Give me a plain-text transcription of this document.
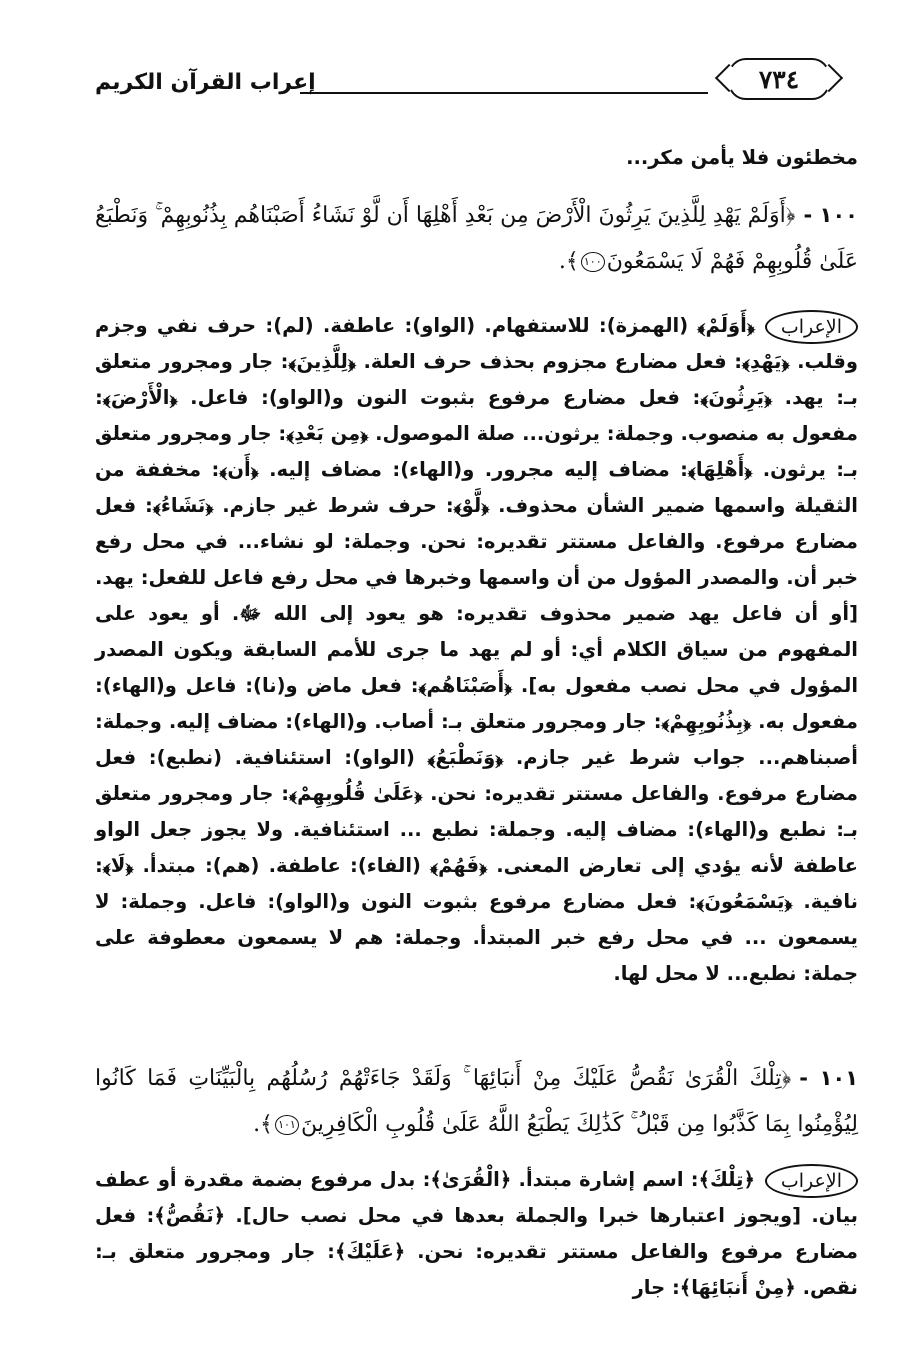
٧٣٤
إعراب القرآن الكريم
مخطئون فلا يأمن مكر...
١٠٠ -﴿أَوَلَمْ يَهْدِ لِلَّذِينَ يَرِثُونَ الْأَرْضَ مِن بَعْدِ أَهْلِهَا أَن لَّوْ نَشَاءُ أَصَبْنَاهُم بِذُنُوبِهِمْ ۚ وَنَطْبَعُ عَلَىٰ قُلُوبِهِمْ فَهُمْ لَا يَسْمَعُونَ١٠٠﴾.
الإعراب
﴿أَوَلَمْ﴾ (الهمزة): للاستفهام. (الواو): عاطفة. (لم): حرف نفي وجزم وقلب. ﴿يَهْدِ﴾: فعل مضارع مجزوم بحذف حرف العلة. ﴿لِلَّذِينَ﴾: جار ومجرور متعلق بـ: يهد. ﴿يَرِثُونَ﴾: فعل مضارع مرفوع بثبوت النون و(الواو): فاعل. ﴿الْأَرْضَ﴾: مفعول به منصوب. وجملة: يرثون... صلة الموصول. ﴿مِن بَعْدِ﴾: جار ومجرور متعلق بـ: يرثون. ﴿أَهْلِهَا﴾: مضاف إليه مجرور. و(الهاء): مضاف إليه. ﴿أَن﴾: مخففة من الثقيلة واسمها ضمير الشأن محذوف. ﴿لَّوْ﴾: حرف شرط غير جازم. ﴿نَشَاءُ﴾: فعل مضارع مرفوع. والفاعل مستتر تقديره: نحن. وجملة: لو نشاء... في محل رفع خبر أن. والمصدر المؤول من أن واسمها وخبرها في محل رفع فاعل للفعل: يهد. [أو أن فاعل يهد ضمير محذوف تقديره: هو يعود إلى الله ﷻ. أو يعود على المفهوم من سياق الكلام أي: أو لم يهد ما جرى للأمم السابقة ويكون المصدر المؤول في محل نصب مفعول به]. ﴿أَصَبْنَاهُم﴾: فعل ماض و(نا): فاعل و(الهاء): مفعول به. ﴿بِذُنُوبِهِمْ﴾: جار ومجرور متعلق بـ: أصاب. و(الهاء): مضاف إليه. وجملة: أصبناهم... جواب شرط غير جازم. ﴿وَنَطْبَعُ﴾ (الواو): استئنافية. (نطبع): فعل مضارع مرفوع. والفاعل مستتر تقديره: نحن. ﴿عَلَىٰ قُلُوبِهِمْ﴾: جار ومجرور متعلق بـ: نطبع و(الهاء): مضاف إليه. وجملة: نطبع ... استئنافية. ولا يجوز جعل الواو عاطفة لأنه يؤدي إلى تعارض المعنى. ﴿فَهُمْ﴾ (الفاء): عاطفة. (هم): مبتدأ. ﴿لَا﴾: نافية. ﴿يَسْمَعُونَ﴾: فعل مضارع مرفوع بثبوت النون و(الواو): فاعل. وجملة: لا يسمعون ... في محل رفع خبر المبتدأ. وجملة: هم لا يسمعون معطوفة على جملة: نطبع... لا محل لها.
١٠١ -﴿تِلْكَ الْقُرَىٰ نَقُصُّ عَلَيْكَ مِنْ أَنبَائِهَا ۚ وَلَقَدْ جَاءَتْهُمْ رُسُلُهُم بِالْبَيِّنَاتِ فَمَا كَانُوا لِيُؤْمِنُوا بِمَا كَذَّبُوا مِن قَبْلُ ۚ كَذَٰلِكَ يَطْبَعُ اللَّهُ عَلَىٰ قُلُوبِ الْكَافِرِينَ١٠١﴾.
الإعراب
﴿تِلْكَ﴾: اسم إشارة مبتدأ. ﴿الْقُرَىٰ﴾: بدل مرفوع بضمة مقدرة أو عطف بيان. [ويجوز اعتبارها خبرا والجملة بعدها في محل نصب حال]. ﴿نَقُصُّ﴾: فعل مضارع مرفوع والفاعل مستتر تقديره: نحن. ﴿عَلَيْكَ﴾: جار ومجرور متعلق بـ: نقص. ﴿مِنْ أَنبَائِهَا﴾: جار
